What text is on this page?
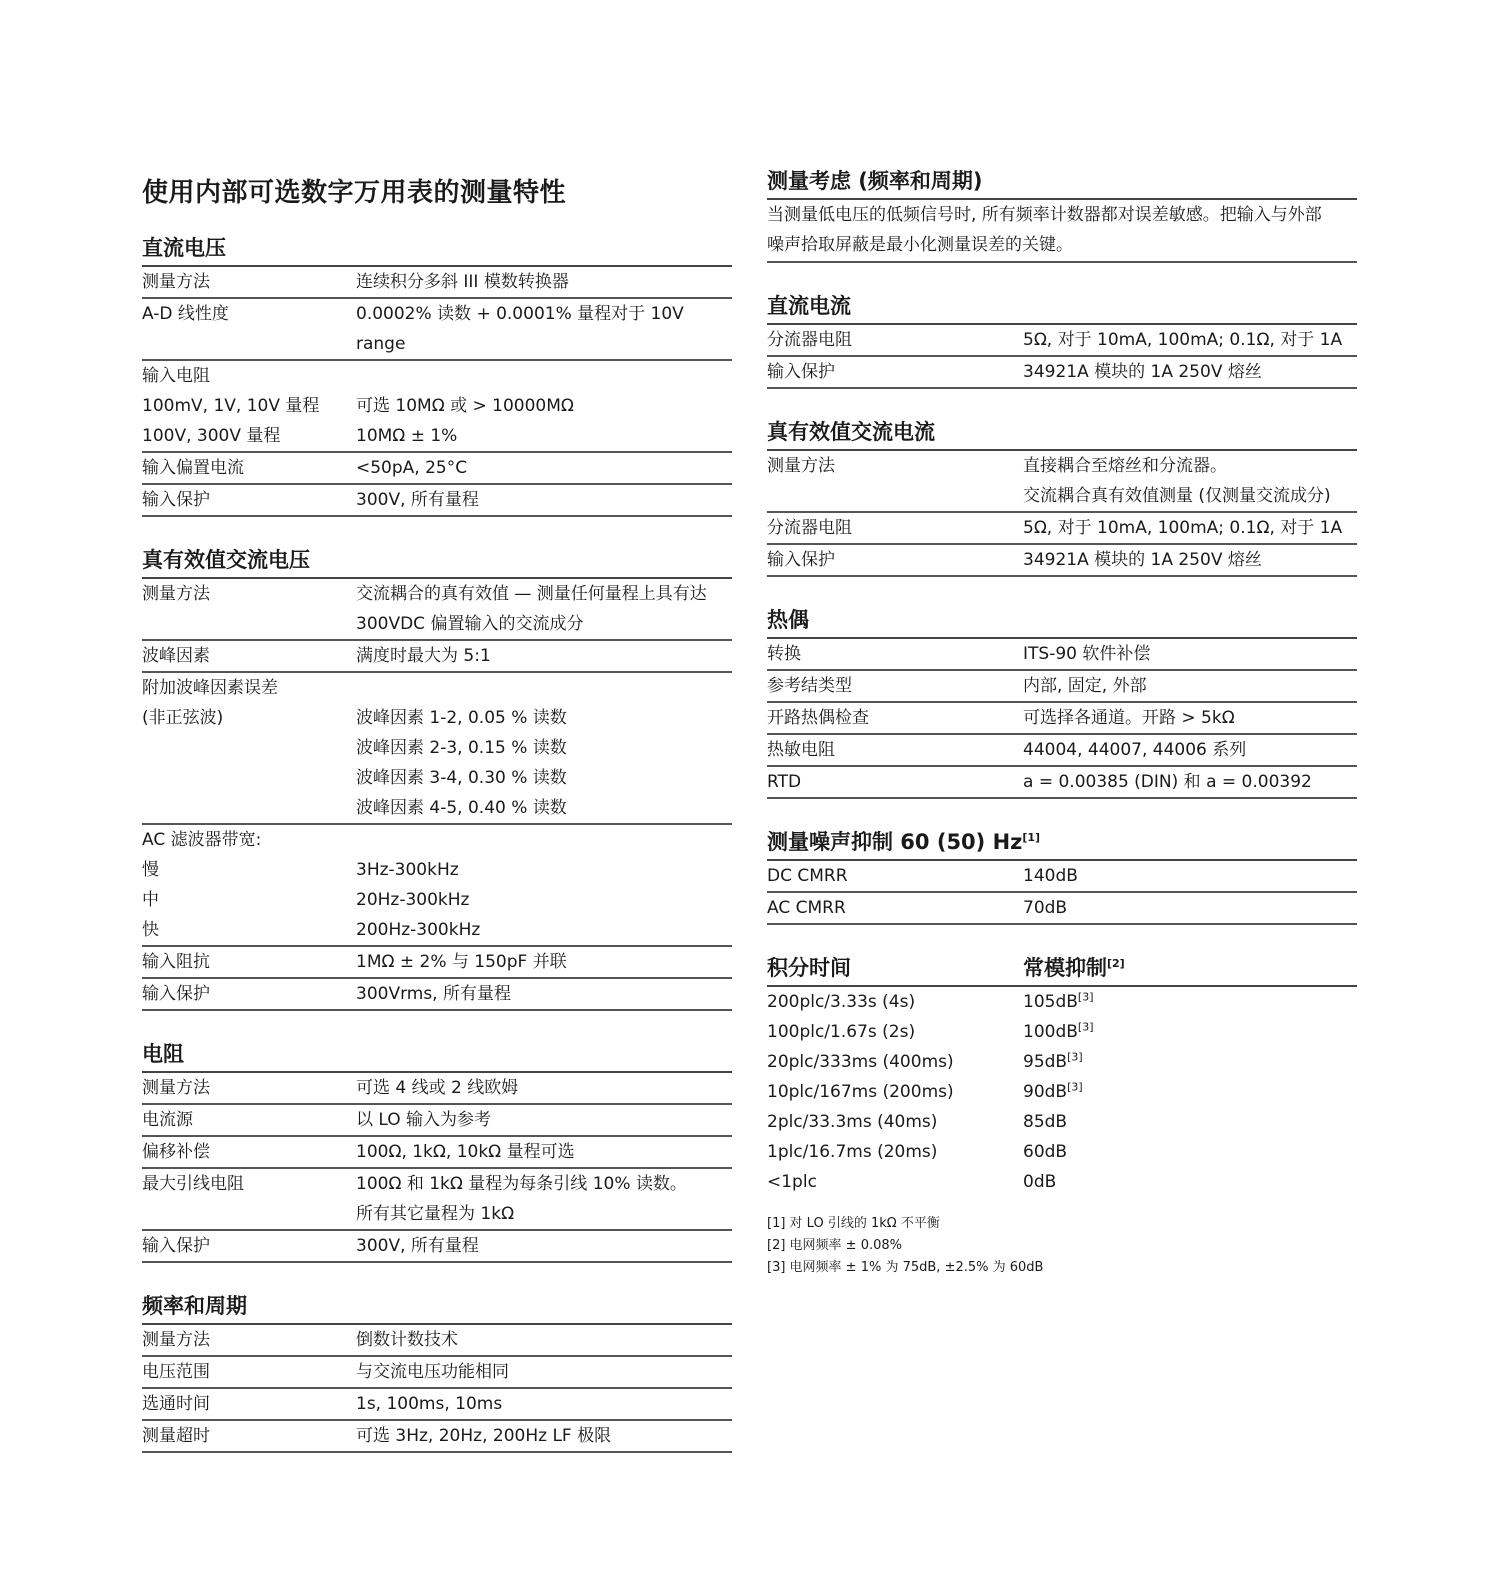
使用内部可选数字万用表的测量特性
直流电压
测量方法	连续积分多斜 III 模数转换器
A-D 线性度	0.0002% 读数 + 0.0001% 量程对于 10V range
输入电阻
100mV, 1V, 10V 量程	可选 10MΩ 或 > 10000MΩ
100V, 300V 量程	10MΩ ± 1%
输入偏置电流	<50pA, 25°C
输入保护	300V, 所有量程
真有效值交流电压
测量方法	交流耦合的真有效值 — 测量任何量程上具有达
300VDC 偏置输入的交流成分
波峰因素	满度时最大为 5:1
附加波峰因素误差
(非正弦波)	波峰因素 1-2, 0.05 % 读数
波峰因素 2-3, 0.15 % 读数
波峰因素 3-4, 0.30 % 读数
波峰因素 4-5, 0.40 % 读数
AC 滤波器带宽:
慢	3Hz-300kHz
中	20Hz-300kHz
快	200Hz-300kHz
输入阻抗	1MΩ ± 2% 与 150pF 并联
输入保护	300Vrms, 所有量程
电阻
测量方法	可选 4 线或 2 线欧姆
电流源	以 LO 输入为参考
偏移补偿	100Ω, 1kΩ, 10kΩ 量程可选
最大引线电阻	100Ω 和 1kΩ 量程为每条引线 10% 读数。
所有其它量程为 1kΩ
输入保护	300V, 所有量程
频率和周期
测量方法	倒数计数技术
电压范围	与交流电压功能相同
选通时间	1s, 100ms, 10ms
测量超时	可选 3Hz, 20Hz, 200Hz LF 极限
测量考虑 (频率和周期)
当测量低电压的低频信号时, 所有频率计数器都对误差敏感。把输入与外部
噪声拾取屏蔽是最小化测量误差的关键。
直流电流
分流器电阻	5Ω, 对于 10mA, 100mA; 0.1Ω, 对于 1A
输入保护	34921A 模块的 1A 250V 熔丝
真有效值交流电流
测量方法	直接耦合至熔丝和分流器。
交流耦合真有效值测量 (仅测量交流成分)
分流器电阻	5Ω, 对于 10mA, 100mA; 0.1Ω, 对于 1A
输入保护	34921A 模块的 1A 250V 熔丝
热偶
转换	ITS-90 软件补偿
参考结类型	内部, 固定, 外部
开路热偶检查	可选择各通道。开路 > 5kΩ
热敏电阻	44004, 44007, 44006 系列
RTD	a = 0.00385 (DIN) 和 a = 0.00392
测量噪声抑制 60 (50) Hz[1]
DC CMRR	140dB
AC CMRR	70dB
积分时间	常模抑制[2]
200plc/3.33s (4s)	105dB[3]
100plc/1.67s (2s)	100dB[3]
20plc/333ms (400ms)	95dB[3]
10plc/167ms (200ms)	90dB[3]
2plc/33.3ms (40ms)	85dB
1plc/16.7ms (20ms)	60dB
<1plc	0dB
[1] 对 LO 引线的 1kΩ 不平衡
[2] 电网频率 ± 0.08%
[3] 电网频率 ± 1% 为 75dB, ±2.5% 为 60dB
